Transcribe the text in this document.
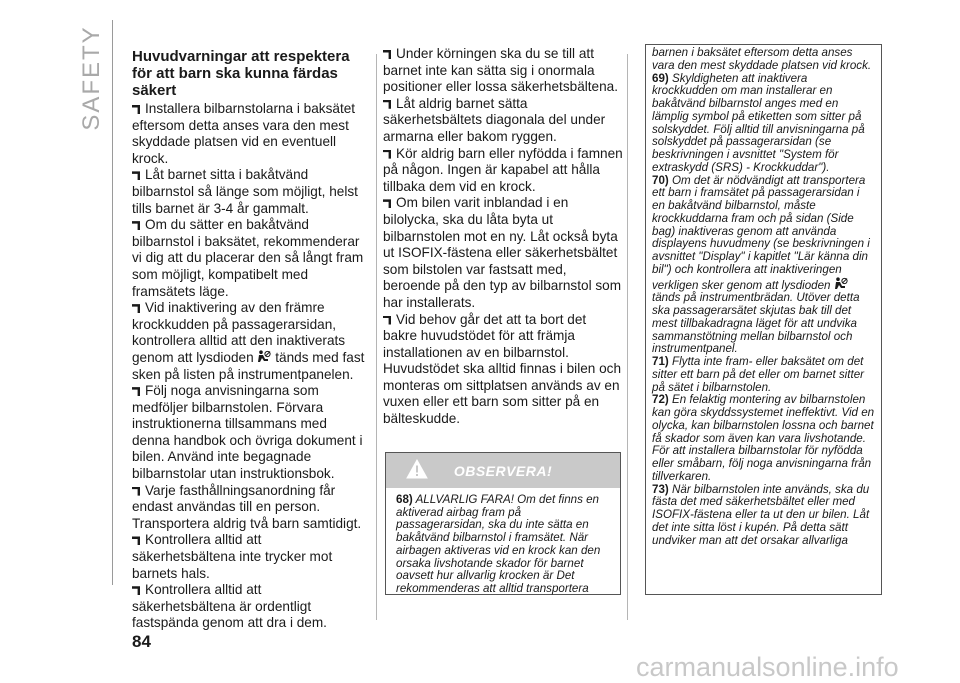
SAFETY Huvudvarningar att respektera för att barn ska kunna färdas säkert

Installera bilbarnstolarna i baksätet eftersom detta anses vara den mest skyddade platsen vid en eventuell krock.

Låt barnet sitta i bakåtvänd bilbarnstol så länge som möjligt, helst tills barnet är 3-4 år gammalt.

Om du sätter en bakåtvänd bilbarnstol i baksätet, rekommenderar vi dig att du placerar den så långt fram som möjligt, kompatibelt med framsätets läge.

Vid inaktivering av den främre krockkudden på passagerarsidan, kontrollera alltid att den inaktiverats genom att lysdioden tänds med fast sken på listen på instrumentpanelen.

Följ noga anvisningarna som medföljer bilbarnstolen. Förvara instruktionerna tillsammans med denna handbok och övriga dokument i bilen. Använd inte begagnade bilbarnstolar utan instruktionsbok.

Varje fasthållningsanordning får endast användas till en person. Transportera aldrig två barn samtidigt.

Kontrollera alltid att säkerhetsbältena inte trycker mot barnets hals.

Kontrollera alltid att säkerhetsbältena är ordentligt fastspända genom att dra i dem.

Under körningen ska du se till att barnet inte kan sätta sig i onormala positioner eller lossa säkerhetsbältena.

Låt aldrig barnet sätta säkerhetsbältets diagonala del under armarna eller bakom ryggen.

Kör aldrig barn eller nyfödda i famnen på någon. Ingen är kapabel att hålla tillbaka dem vid en krock.

Om bilen varit inblandad i en bilolycka, ska du låta byta ut bilbarnstolen mot en ny. Låt också byta ut ISOFIX-fästena eller säkerhetsbältet som bilstolen var fastsatt med, beroende på den typ av bilbarnstol som har installerats.

Vid behov går det att ta bort det bakre huvudstödet för att främja installationen av en bilbarnstol. Huvudstödet ska alltid finnas i bilen och monteras om sittplatsen används av en vuxen eller ett barn som sitter på en bälteskudde.

OBSERVERA!
68) ALLVARLIG FARA! Om det finns en aktiverad airbag fram på passagerarsidan, ska du inte sätta en bakåtvänd bilbarnstol i framsätet. När airbagen aktiveras vid en krock kan den orsaka livshotande skador för barnet oavsett hur allvarlig krocken är Det rekommenderas att alltid transportera

barnen i baksätet eftersom detta anses vara den mest skyddade platsen vid krock.

69) Skyldigheten att inaktivera krockkudden om man installerar en bakåtvänd bilbarnstol anges med en lämplig symbol på etiketten som sitter på solskyddet. Följ alltid till anvisningarna på solskyddet på passagerarsidan (se beskrivningen i avsnittet "System för extraskydd (SRS) - Krockkuddar").

70) Om det är nödvändigt att transportera ett barn i framsätet på passagerarsidan i en bakåtvänd bilbarnstol, måste krockkuddarna fram och på sidan (Side bag) inaktiveras genom att använda displayens huvudmeny (se beskrivningen i avsnittet "Display" i kapitlet "Lär känna din bil") och kontrollera att inaktiveringen verkligen sker genom att lysdioden  tänds på instrumentbrädan. Utöver detta ska passagerarsätet skjutas bak till det mest tillbakadragna läget för att undvika sammanstötning mellan bilbarnstol och instrumentpanel.

71) Flytta inte fram- eller baksätet om det sitter ett barn på det eller om barnet sitter på sätet i bilbarnstolen.

72) En felaktig montering av bilbarnstolen kan göra skyddssystemet ineffektivt. Vid en olycka, kan bilbarnstolen lossna och barnet få skador som även kan vara livshotande. För att installera bilbarnstolar för nyfödda eller småbarn, följ noga anvisningarna från tillverkaren.

73) När bilbarnstolen inte används, ska du fästa det med säkerhetsbältet eller med ISOFIX-fästena eller ta ut den ur bilen. Låt det inte sitta löst i kupén. På detta sätt undviker man att det orsakar allvarliga

84
carmanualsonline.info
